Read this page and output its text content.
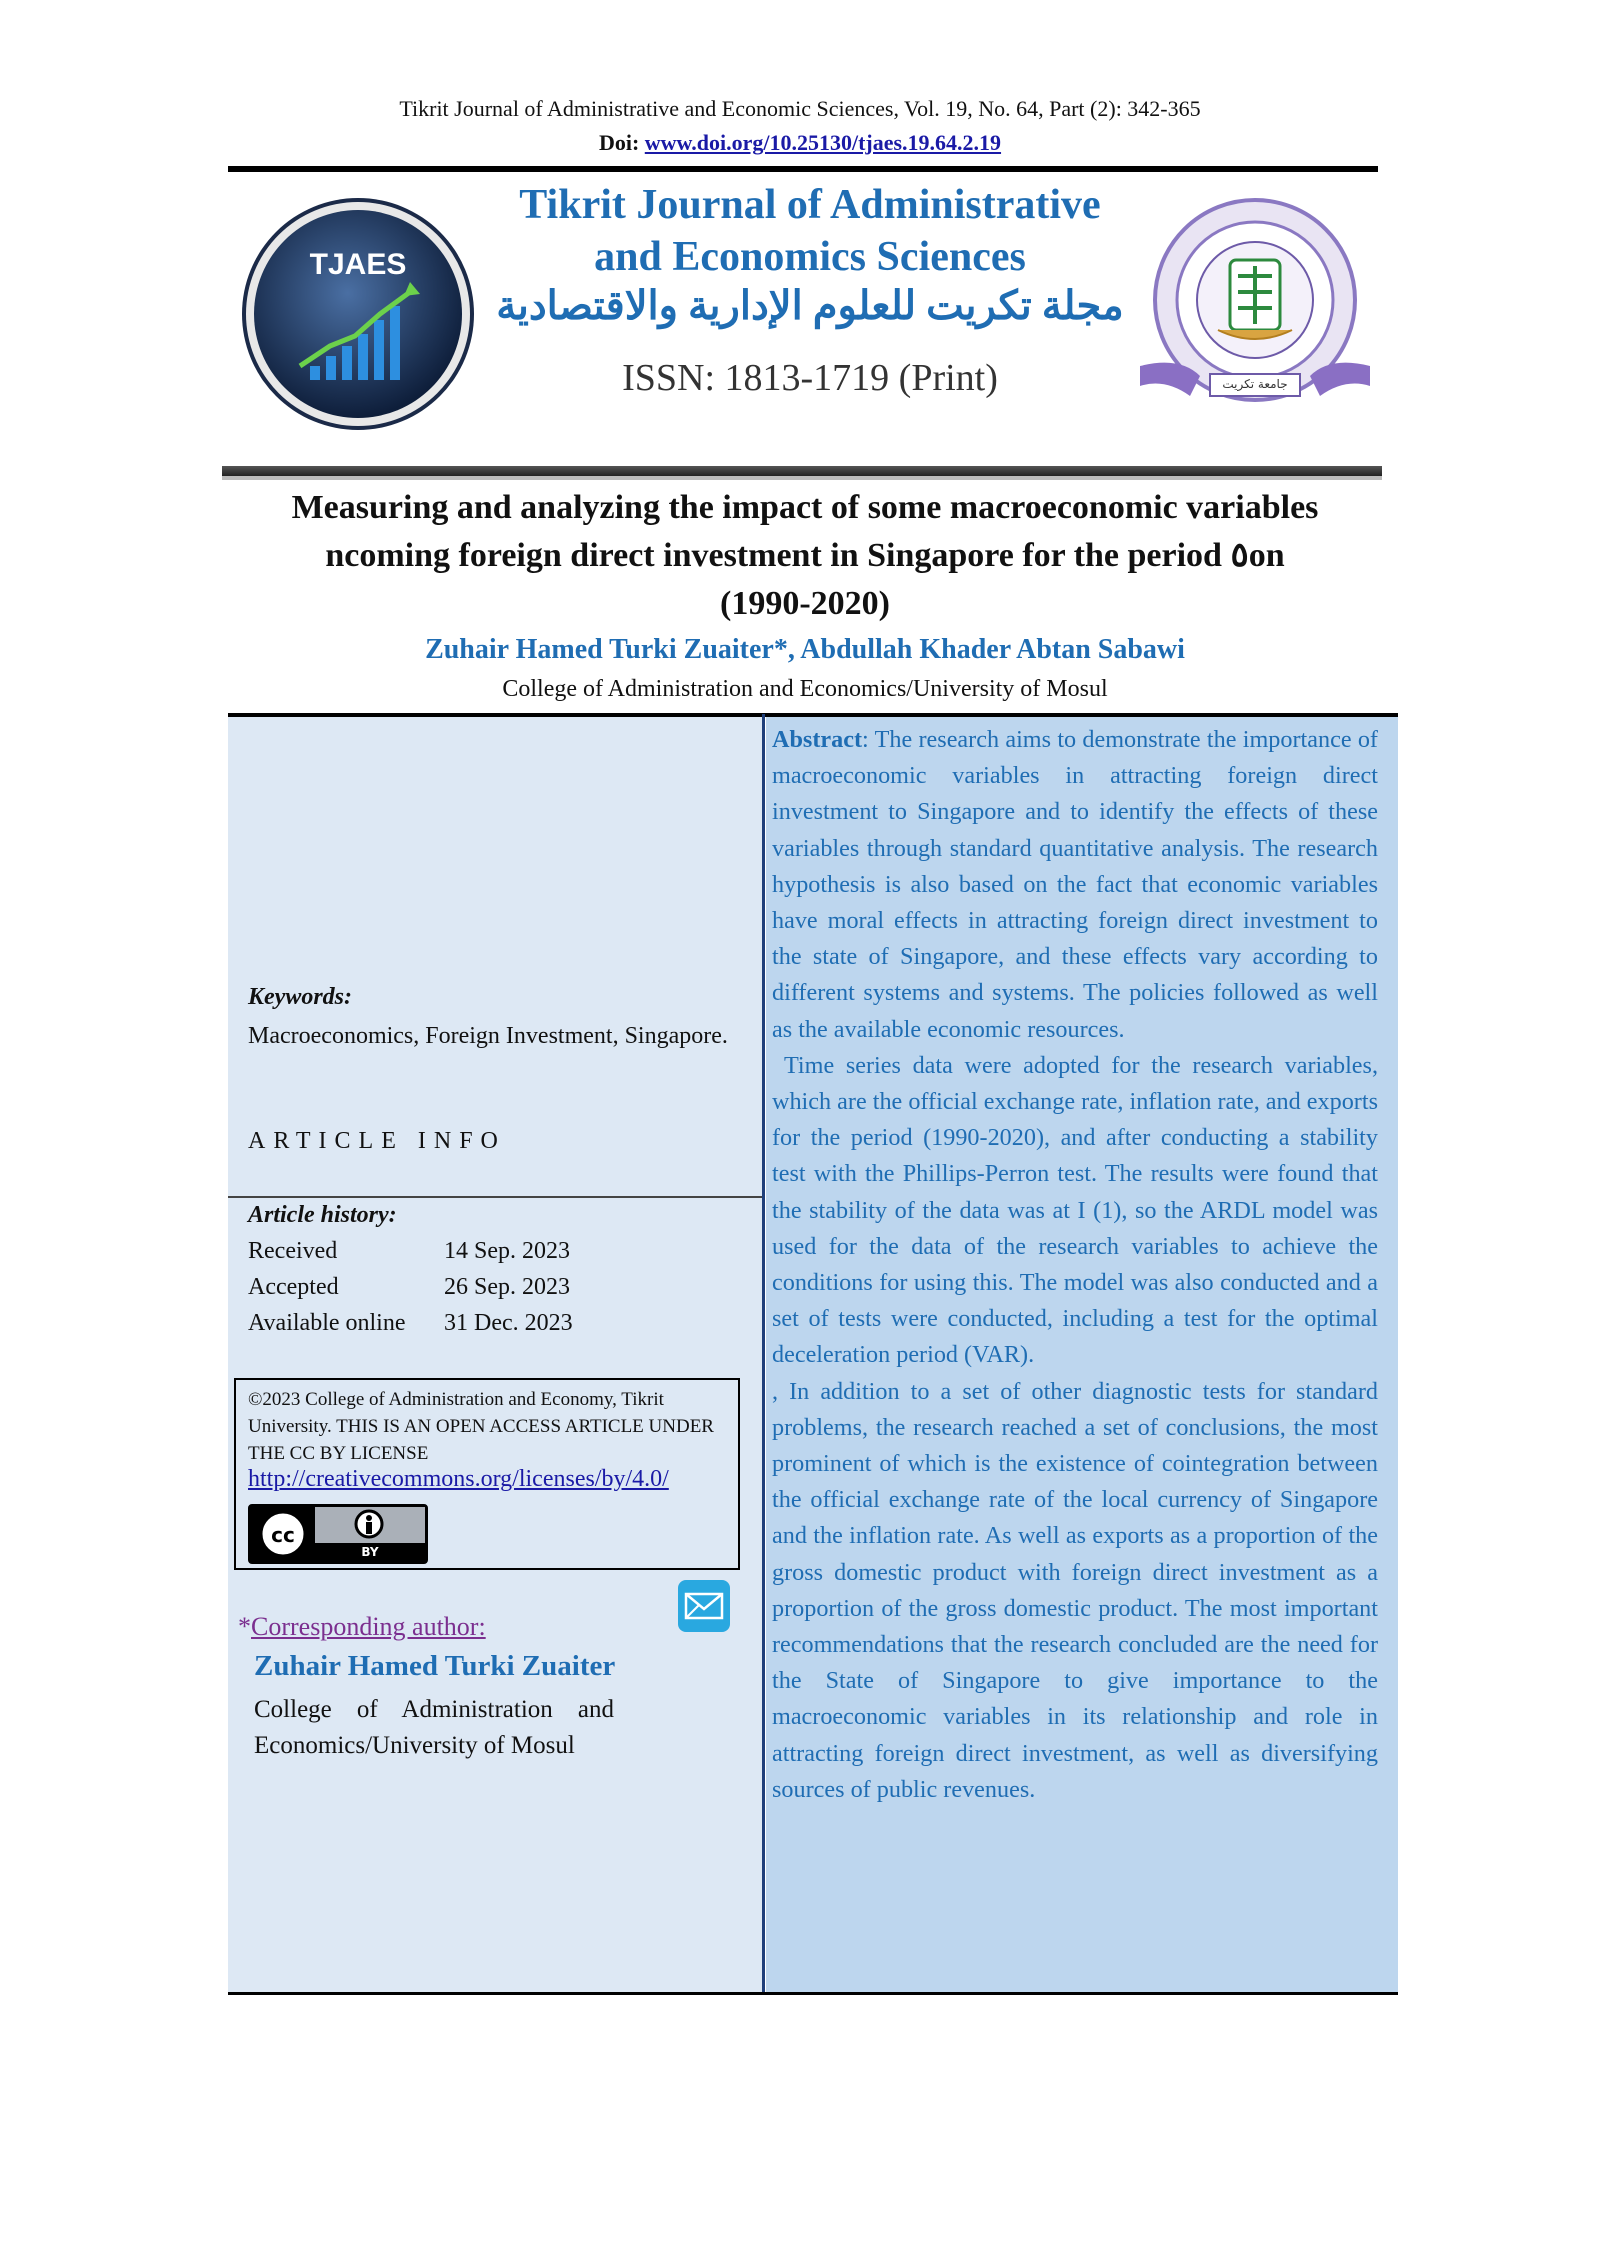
Tikrit Journal of Administrative and Economic Sciences, Vol. 19, No. 64, Part (2): 342-365
Doi: www.doi.org/10.25130/tjaes.19.64.2.19
TJAES
Tikrit Journal of Administrative
and Economics Sciences
مجلة تكريت للعلوم الإدارية والاقتصادية
ISSN: 1813-1719 (Print)	جامعة تكريت
Measuring and analyzing the impact of some macroeconomic variables
ncoming foreign direct investment in Singapore for the period ٥on
(1990-2020)
Zuhair Hamed Turki Zuaiter*, Abdullah Khader Abtan Sabawi
College of Administration and Economics/University of Mosul
Keywords:
Macroeconomics, Foreign Investment, Singapore.
ARTICLE INFO
Article history:
Received	14 Sep. 2023
Accepted	26 Sep. 2023
Available online 31 Dec. 2023
©2023 College of Administration and Economy, Tikrit University. THIS IS AN OPEN ACCESS ARTICLE UNDER THE CC BY LICENSE
http://creativecommons.org/licenses/by/4.0/
cc
BY
*Corresponding author:
Zuhair Hamed Turki Zuaiter
College of Administration and Economics/University of Mosul

Abstract: The research aims to demonstrate the importance of macroeconomic variables in attracting foreign direct investment to Singapore and to identify the effects of these variables through standard quantitative analysis. The research hypothesis is also based on the fact that economic variables have moral effects in attracting foreign direct investment to the state of Singapore, and these effects vary according to different systems and systems. The policies followed as well as the available economic resources.

Time series data were adopted for the research variables, which are the official exchange rate, inflation rate, and exports for the period (1990-2020), and after conducting a stability test with the Phillips-Perron test. The results were found that the stability of the data was at I (1), so the ARDL model was used for the data of the research variables to achieve the conditions for using this. The model was also conducted and a set of tests were conducted, including a test for the optimal deceleration period (VAR).

, In addition to a set of other diagnostic tests for standard problems, the research reached a set of conclusions, the most prominent of which is the existence of cointegration between the official exchange rate of the local currency of Singapore and the inflation rate. As well as exports as a proportion of the gross domestic product with foreign direct investment as a proportion of the gross domestic product. The most important recommendations that the research concluded are the need for the State of Singapore to give importance to the macroeconomic variables in its relationship and role in attracting foreign direct investment, as well as diversifying sources of public revenues.
